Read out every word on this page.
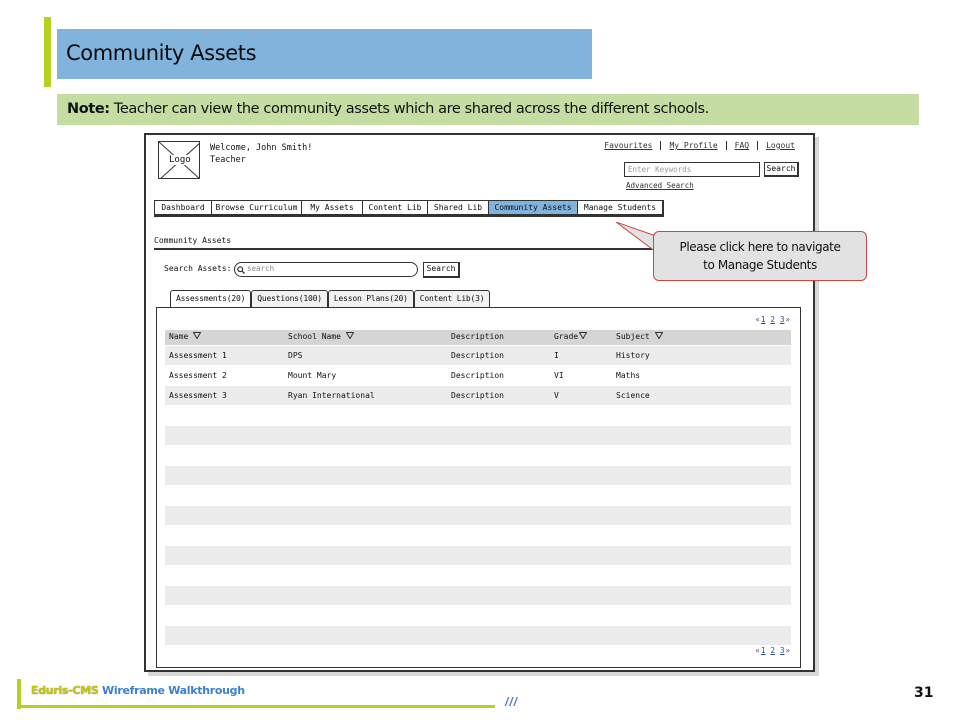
Community Assets
Note: Teacher can view the community assets which are shared across the different schools.
Logo
Welcome, John Smith!
Teacher
Favourites	My Profile	FAQ	Logout
Enter Keywords	Search
Advanced Search
Dashboard	Browse Curriculum	My Assets	Content Lib	Shared Lib	Community Assets	Manage Students
Community Assets
Search Assets:	search	Search
Assessments(20)	Questions(100)	Lesson Plans(20)	Content Lib(3)
«1 2 3»
Name	School Name	Description	Grade	Subject
Assessment 1	DPS	Description	I	History
Assessment 2	Mount Mary	Description	VI	Maths
Assessment 3	Ryan International	Description	V	Science
«1 2 3»
Please click here to navigate
to Manage Students
Eduris-CMS Wireframe Walkthrough
///
31
